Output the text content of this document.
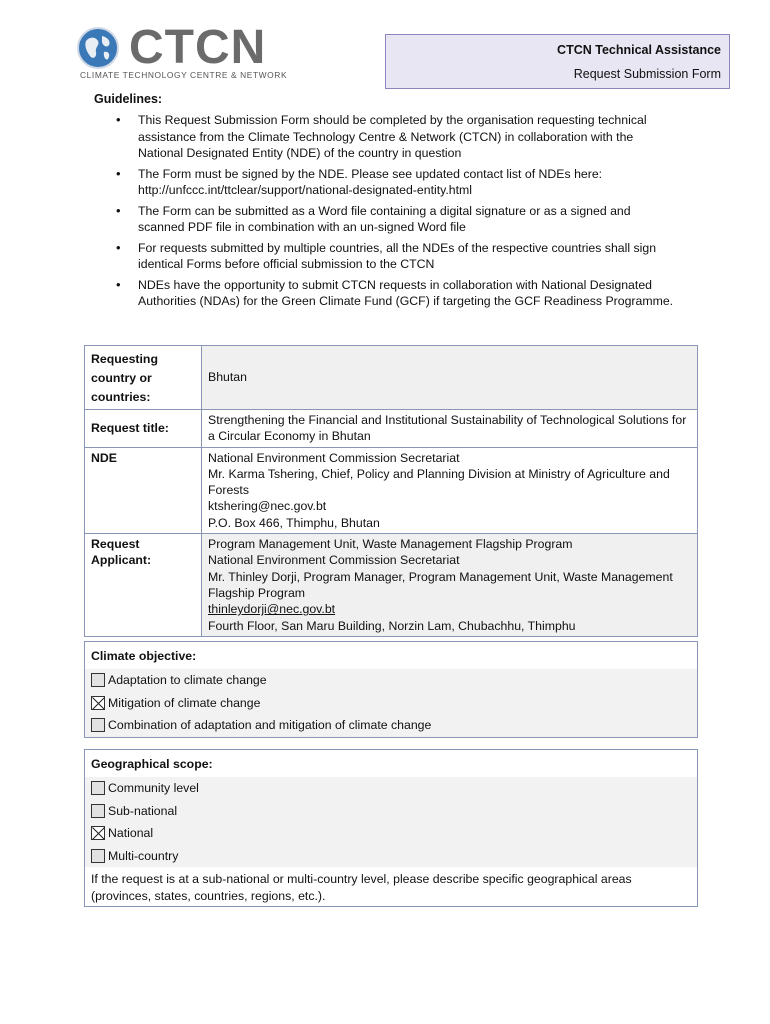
CTCN
CLIMATE TECHNOLOGY CENTRE & NETWORK
CTCN Technical Assistance
Request Submission Form
Guidelines:
• This Request Submission Form should be completed by the organisation requesting technical assistance from the Climate Technology Centre & Network (CTCN) in collaboration with the National Designated Entity (NDE) of the country in question
• The Form must be signed by the NDE. Please see updated contact list of NDEs here: http://unfccc.int/ttclear/support/national-designated-entity.html
• The Form can be submitted as a Word file containing a digital signature or as a signed and scanned PDF file in combination with an un-signed Word file
• For requests submitted by multiple countries, all the NDEs of the respective countries shall sign identical Forms before official submission to the CTCN
• NDEs have the opportunity to submit CTCN requests in collaboration with National Designated Authorities (NDAs) for the Green Climate Fund (GCF) if targeting the GCF Readiness Programme.
Requesting country or countries:	Bhutan
Request title:	Strengthening the Financial and Institutional Sustainability of Technological Solutions for a Circular Economy in Bhutan
NDE	National Environment Commission Secretariat
Mr. Karma Tshering, Chief, Policy and Planning Division at Ministry of Agriculture and Forests
ktshering@nec.gov.bt
P.O. Box 466, Thimphu, Bhutan

Request Applicant:	Program Management Unit, Waste Management Flagship Program
National Environment Commission Secretariat
Mr. Thinley Dorji, Program Manager, Program Management Unit, Waste Management Flagship Program
thinleydorji@nec.gov.bt
Fourth Floor, San Maru Building, Norzin Lam, Chubachhu, Thimphu
Climate objective:
Adaptation to climate change
Mitigation of climate change
Combination of adaptation and mitigation of climate change
Geographical scope:
Community level
Sub-national
National
Multi-country
If the request is at a sub-national or multi-country level, please describe specific geographical areas (provinces, states, countries, regions, etc.).
